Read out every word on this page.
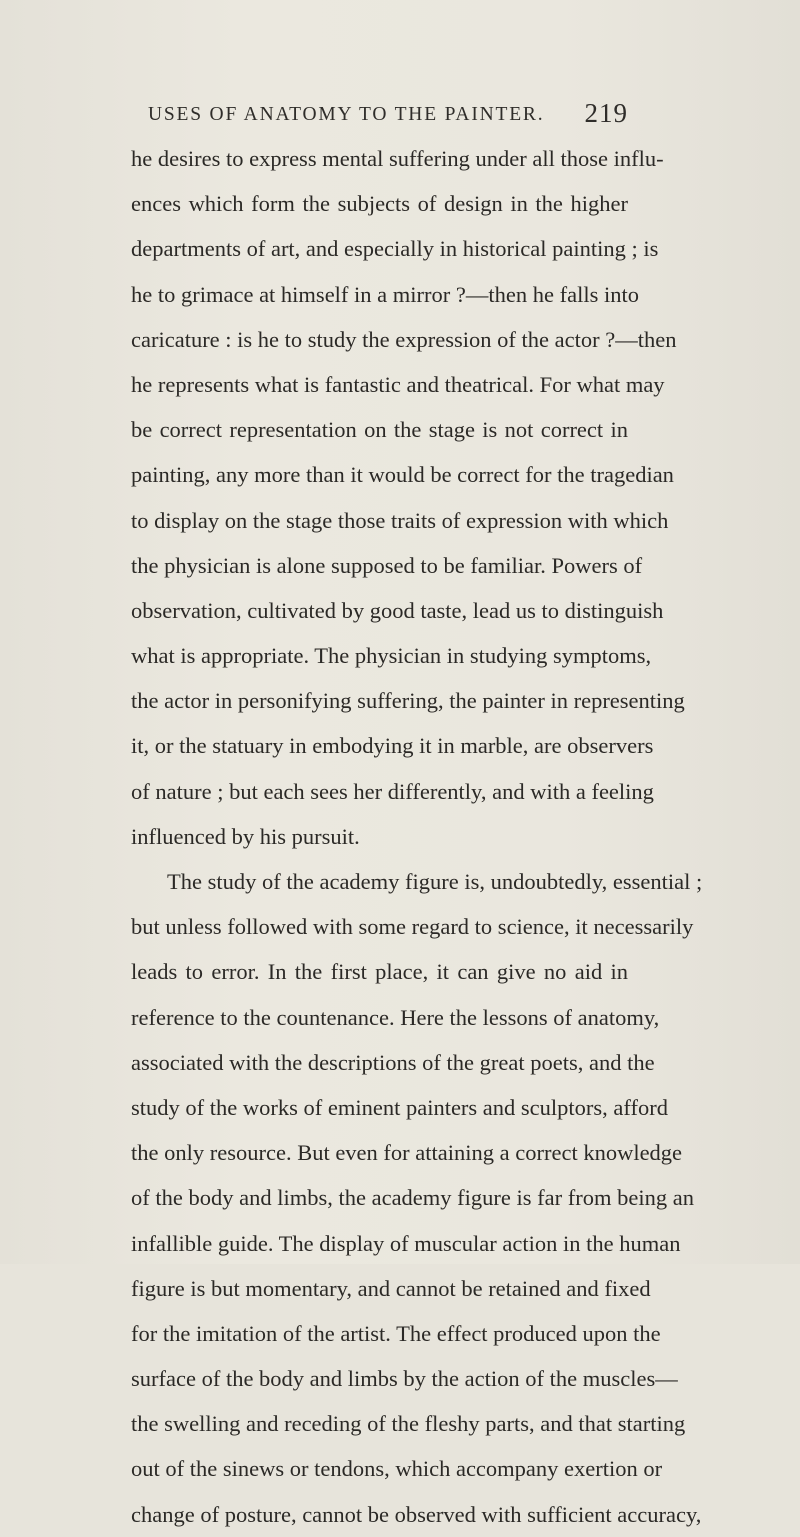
USES OF ANATOMY TO THE PAINTER. 219
he desires to express mental suffering under all those influ-
ences which form the subjects of design in the higher
departments of art, and especially in historical painting ; is
he to grimace at himself in a mirror ?—then he falls into
caricature : is he to study the expression of the actor ?—then
he represents what is fantastic and theatrical. For what may
be correct representation on the stage is not correct in
painting, any more than it would be correct for the tragedian
to display on the stage those traits of expression with which
the physician is alone supposed to be familiar. Powers of
observation, cultivated by good taste, lead us to distinguish
what is appropriate. The physician in studying symptoms,
the actor in personifying suffering, the painter in representing
it, or the statuary in embodying it in marble, are observers
of nature ; but each sees her differently, and with a feeling
influenced by his pursuit.
The study of the academy figure is, undoubtedly, essential ;
but unless followed with some regard to science, it necessarily
leads to error. In the first place, it can give no aid in
reference to the countenance. Here the lessons of anatomy,
associated with the descriptions of the great poets, and the
study of the works of eminent painters and sculptors, afford
the only resource. But even for attaining a correct knowledge
of the body and limbs, the academy figure is far from being an
infallible guide. The display of muscular action in the human
figure is but momentary, and cannot be retained and fixed
for the imitation of the artist. The effect produced upon the
surface of the body and limbs by the action of the muscles—
the swelling and receding of the fleshy parts, and that starting
out of the sinews or tendons, which accompany exertion or
change of posture, cannot be observed with sufficient accuracy,
